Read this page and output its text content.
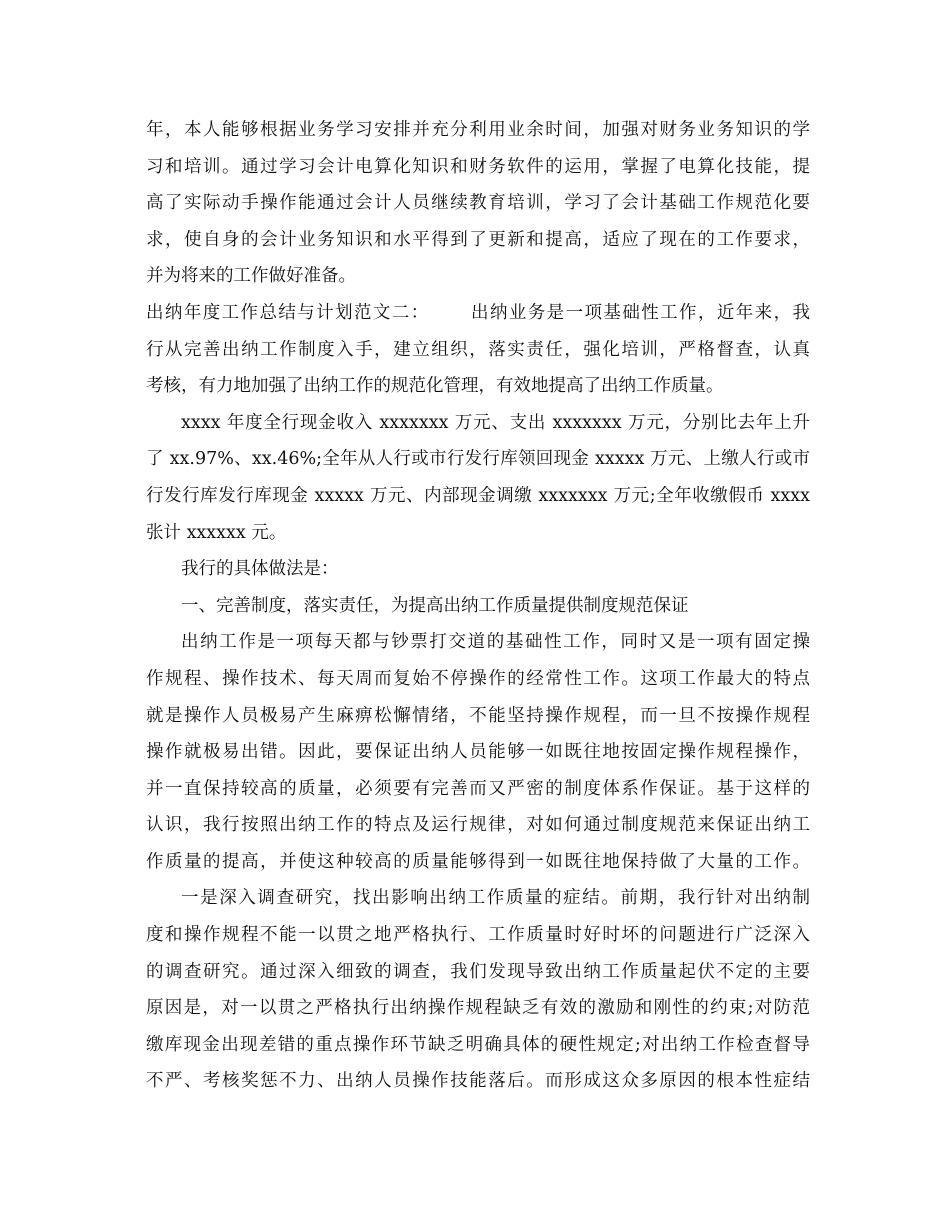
年，本人能够根据业务学习安排并充分利用业余时间，加强对财务业务知识的学
习和培训。通过学习会计电算化知识和财务软件的运用，掌握了电算化技能，提
高了实际动手操作能通过会计人员继续教育培训，学习了会计基础工作规范化要
求，使自身的会计业务知识和水平得到了更新和提高，适应了现在的工作要求，
并为将来的工作做好准备。
出纳年度工作总结与计划范文二： 出纳业务是一项基础性工作，近年来，我
行从完善出纳工作制度入手，建立组织，落实责任，强化培训，严格督查，认真
考核，有力地加强了出纳工作的规范化管理，有效地提高了出纳工作质量。
xxxx 年度全行现金收入 xxxxxxx 万元、支出 xxxxxxx 万元，分别比去年上升
了 xx.97%、xx.46%;全年从人行或市行发行库领回现金 xxxxx 万元、上缴人行或市
行发行库发行库现金 xxxxx 万元、内部现金调缴 xxxxxxx 万元;全年收缴假币 xxxx
张计 xxxxxx 元。
我行的具体做法是：
一、完善制度，落实责任，为提高出纳工作质量提供制度规范保证
出纳工作是一项每天都与钞票打交道的基础性工作，同时又是一项有固定操
作规程、操作技术、每天周而复始不停操作的经常性工作。这项工作最大的特点
就是操作人员极易产生麻痹松懈情绪，不能坚持操作规程，而一旦不按操作规程
操作就极易出错。因此，要保证出纳人员能够一如既往地按固定操作规程操作，
并一直保持较高的质量，必须要有完善而又严密的制度体系作保证。基于这样的
认识，我行按照出纳工作的特点及运行规律，对如何通过制度规范来保证出纳工
作质量的提高，并使这种较高的质量能够得到一如既往地保持做了大量的工作。
一是深入调查研究，找出影响出纳工作质量的症结。前期，我行针对出纳制
度和操作规程不能一以贯之地严格执行、工作质量时好时坏的问题进行广泛深入
的调查研究。通过深入细致的调查，我们发现导致出纳工作质量起伏不定的主要
原因是，对一以贯之严格执行出纳操作规程缺乏有效的激励和刚性的约束;对防范
缴库现金出现差错的重点操作环节缺乏明确具体的硬性规定;对出纳工作检查督导
不严、考核奖惩不力、出纳人员操作技能落后。而形成这众多原因的根本性症结
